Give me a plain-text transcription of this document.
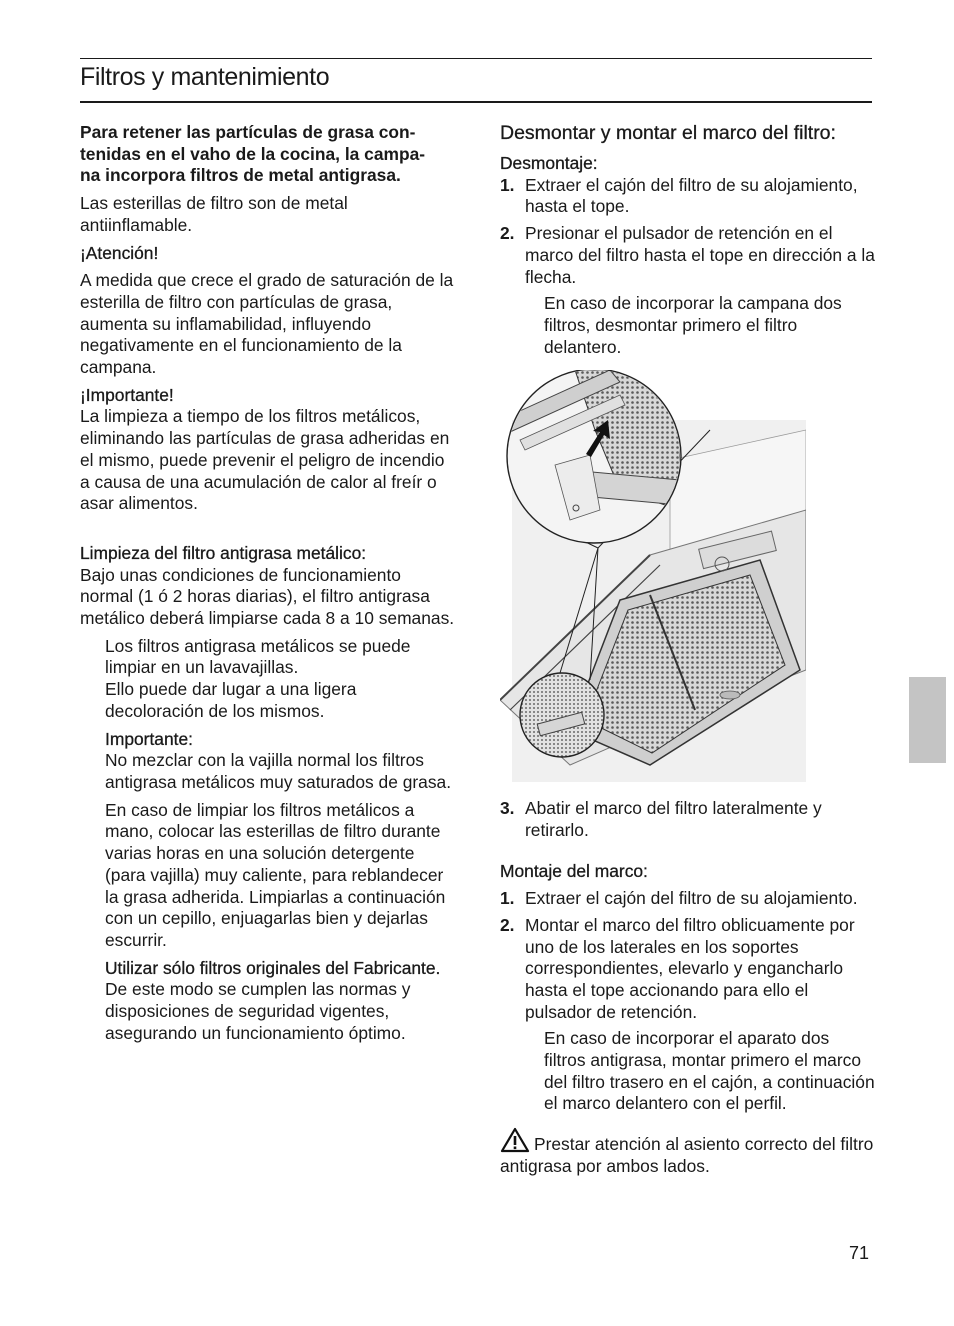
Filtros y mantenimiento

Para retener las partículas de grasa con-
tenidas en el vaho de la cocina, la campa-
na incorpora filtros de metal antigrasa.

Las esterillas de filtro son de metal antiinflamable.

¡Atención!

A medida que crece el grado de saturación de la esterilla de filtro con partículas de grasa, aumenta su inflamabilidad, influyendo negativamente en el funcionamiento de la campana.

¡Importante!

La limpieza a tiempo de los filtros metálicos, eliminando las partículas de grasa adheridas en el mismo, puede prevenir el peligro de incendio a causa de una acumulación de calor al freír o asar alimentos.

Limpieza del filtro antigrasa metálico:

Bajo unas condiciones de funcionamiento normal (1 ó 2 horas diarias), el filtro antigrasa metálico deberá limpiarse cada 8 a 10 semanas.

Los filtros antigrasa metálicos se puede limpiar en un lavavajillas.
Ello puede dar lugar a una ligera decoloración de los mismos.

Importante:

No mezclar con la vajilla normal los filtros antigrasa metálicos muy saturados de grasa.

En caso de limpiar los filtros metálicos a mano, colocar las esterillas de filtro durante varias horas en una solución detergente (para vajilla) muy caliente, para reblandecer la grasa adherida. Limpiarlas a continuación con un cepillo, enjuagarlas bien y dejarlas escurrir.

Utilizar sólo filtros originales del Fabricante.

De este modo se cumplen las normas y disposiciones de seguridad vigentes, asegurando un funcionamiento óptimo.

Desmontar y montar el marco del filtro:

Desmontaje:

1. Extraer el cajón del filtro de su alojamiento, hasta el tope.
2. Presionar el pulsador de retención en el marco del filtro hasta el tope en dirección a la flecha.

En caso de incorporar la campana dos filtros, desmontar primero el filtro delantero.

3. Abatir el marco del filtro lateralmente y retirarlo.

Montaje del marco:

1. Extraer el cajón del filtro de su alojamiento.
2. Montar el marco del filtro oblicuamente por uno de los laterales en los soportes correspondientes, elevarlo y engancharlo hasta el tope accionando para ello el pulsador de retención.

En caso de incorporar el aparato dos filtros antigrasa, montar primero el marco del filtro trasero en el cajón, a continuación el marco delantero con el perfil.

Prestar atención al asiento correcto del filtro antigrasa por ambos lados.

71
